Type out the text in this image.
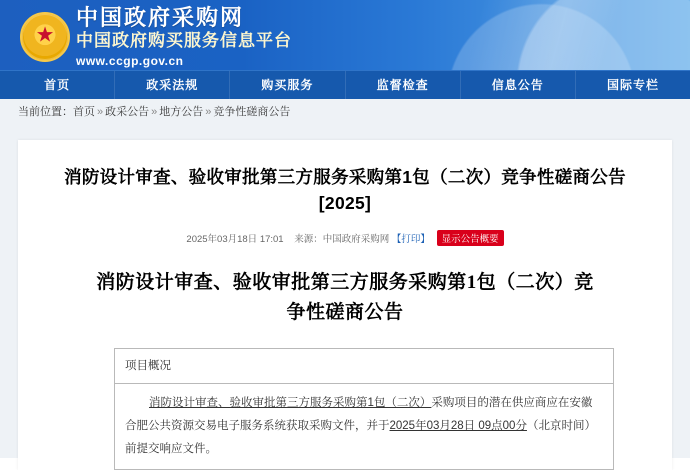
★
中国政府采购网
中国政府购买服务信息平台
www.ccgp.gov.cn
首页	政采法规	购买服务	监督检查	信息公告	国际专栏
当前位置：首页 » 政采公告 » 地方公告 » 竞争性磋商公告
消防设计审查、验收审批第三方服务采购第1包（二次）竞争性磋商公告[2025]
2025年03月18日 17:01 来源：中国政府采购网 【打印】 显示公告概要
消防设计审查、验收审批第三方服务采购第1包（二次）竞争性磋商公告
项目概况

消防设计审查、验收审批第三方服务采购第1包（二次）采购项目的潜在供应商应在安徽合肥公共资源交易电子服务系统获取采购文件，并于2025年03月28日 09点00分（北京时间）前提交响应文件。
